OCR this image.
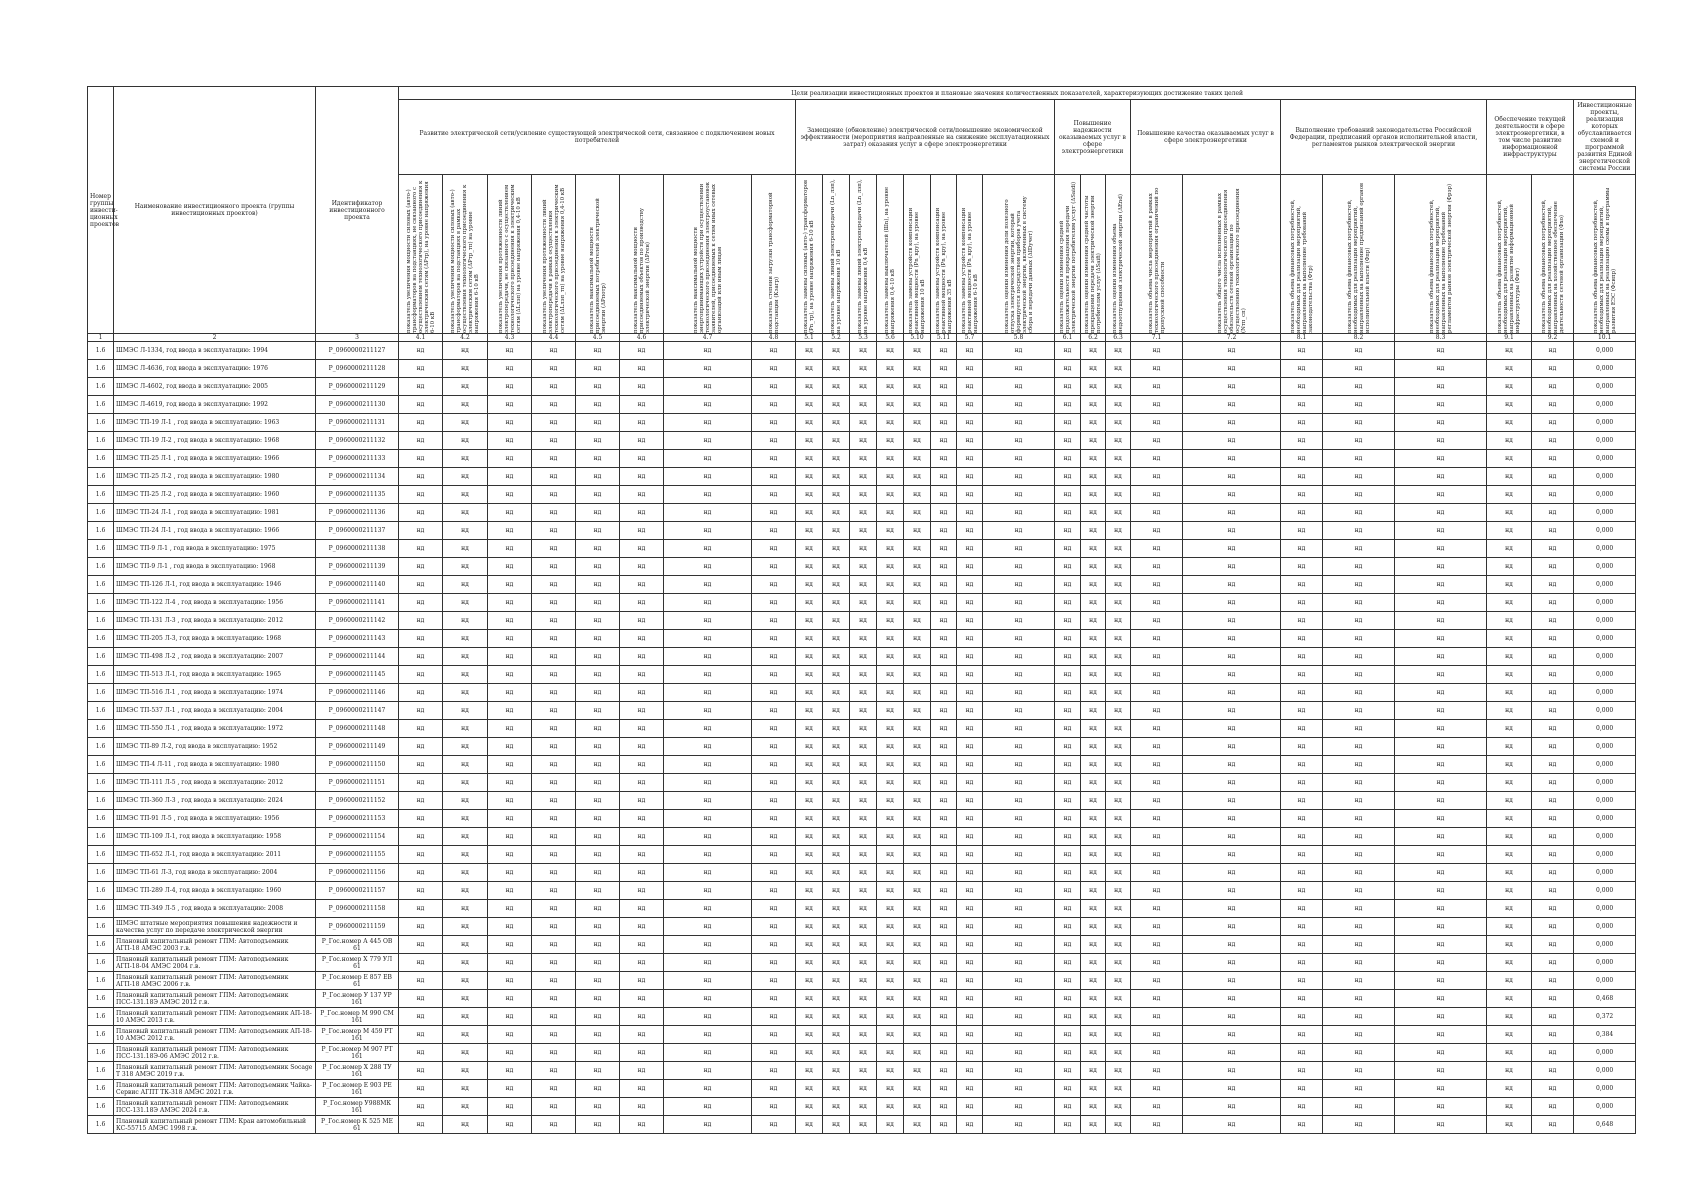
Номер группы инвести-ционных проектов	Наименование инвестиционного проекта (группы инвестиционных проектов)	Идентификатор инвестиционного проекта	Цели реализации инвестиционных проектов и плановые значения количественных показателей, характеризующих достижение таких целей																										
			Развитие электрической сети/усиление существующей электрической сети, связанное с подключением новых потребителей								Замещение (обновление) электрической сети/повышение экономической эффективности (мероприятия направленные на снижение эксплуатационных затрат) оказания услуг в сфере электроэнергетики								Повышение надежности оказываемых услуг в сфере электроэнергетики			Повышение качества оказываемых услуг в сфере электроэнергетики		Выполнение требований законодательства Российской Федерации, предписаний органов исполнительной власти, регламентов рынков электрической энергии			Обеспечение текущей деятельности в сфере электроэнергетики, в том числе развитие информационной инфраструктуры		Инвестиционные проекты, реализация которых обуславливается схемой и программой развития Единой энергетической системы России

			показатель увеличения мощности силовых (авто-) трансформаторов на подстанциях, не связанного с осуществлением технологического присоединения к электрическим сетям (ΔPтр), на уровне напряжения 6-10 кВ	показатель увеличения мощности силовых (авто-) трансформаторов на подстанциях в рамках осуществления технологического присоединения к электрическим сетям (ΔPтр_тп) на уровне напряжения 6-10 кВ	показатель увеличения протяженности линий электропередачи, не связанного с осуществлением технологического присоединения к электрическим сетям (ΔLлэп) на уровне напряжения 0,4-10 кВ	показатель увеличения протяженности линий электропередачи в рамках осуществления технологического присоединения к электрическим сетям (ΔLлэп_тп) на уровне напряжения 0,4-10 кВ	показатель максимальной мощности присоединяемых потребителей электрической энергии (ΔPпотр)	показатель максимальной мощности присоединяемых объектов по производству электрической энергии (ΔPген)	показатель максимальной мощности энергопринимающих устройств при осуществлении технологического присоединения электроустановок заявителей, присоединяемых к сетям иных сетевых организаций или иным лицам	показатель степени загрузки трансформаторной подстанции (Кзагр)	показатель замены силовых (авто-) трансформаторов (Pn_тр), на уровне напряжения 6-10 кВ	показатель замены линий электропередачи (Ln_лэп), на уровне напряжения 10 кВ	показатель замены линий электропередачи (Ln_лэп), на уровне напряжения 0,4 кВ	показатель замены выключателей (Шn), на уровне напряжения 0,4-10 кВ	показатель замены устройств компенсации реактивной мощности (Pn_кру), на уровне напряжения 10 кВ	показатель замены устройств компенсации реактивной мощности (Pn_кру), на уровне напряжения 35 кВ	показатель замены устройств компенсации реактивной мощности (Pn_кру), на уровне напряжения 6-10 кВ	показатель оценки изменения доли полезного отпуска электрической энергии, который формируется посредством приборов учета электрической энергии, включенных в систему сбора и передачи данных (ΔIDучет)	показатель оценки изменения средней продолжительности прекращения передачи электрической энергии потребителям услуг (ΔSaidi)	показатель оценки изменения средней частоты прекращения передачи электрической энергии потребителям услуг (ΔSaifi)	показатель оценки изменения объема недоотпущенной электрической энергии (ΔEnd)	показатель объема числа мероприятий в рамках технологического присоединения ограничений по пропускной способности	показатель общего числа исполненных в рамках осуществления технологического присоединения обязательств сетевой организации по осуществлению технологического присоединения (Nтп_сп)	показатель объема финансовых потребностей, необходимых для реализации мероприятий, направленных на выполнение требований законодательства (Фтр)	показатель объема финансовых потребностей, необходимых для реализации мероприятий, направленных на выполнение предписаний органов исполнительной власти (Фпр)	показатель объема финансовых потребностей, необходимых для реализации мероприятий, направленных на выполнение требований регламентов рынков электрической энергии (Фрэр)	показатель объема финансовых потребностей, необходимых для реализации мероприятий, направленных на развитие информационной инфраструктуры (Фит)	показатель объема финансовых потребностей, необходимых для реализации мероприятий, направленных на хозяйственное обеспечение деятельности сетевой организации (Фхо)	показатель объема финансовых потребностей, необходимых для реализации мероприятий, направленных на реализацию схемы и программы развития ЕЭС (Фсипр)

1	2	3	4.1	4.2	4.3	4.4	4.5	4.6	4.7	4.8	5.1	5.2	5.3	5.6	5.10	5.11	5.7	5.8	6.1	6.2	6.3	7.1	7.2	8.1	8.2	8.3	9.1	9.2	10.1
1.6	ШМЭС Л-1334, год ввода в эксплуатацию: 1994	P_0960000211127	нд	нд	нд	нд	нд	нд	нд	нд	нд	нд	нд	нд	нд	нд	нд	нд	нд	нд	нд	нд	нд	нд	нд	нд	нд	нд	0,000
1.6	ШМЭС Л-4636, год ввода в эксплуатацию: 1976	P_0960000211128	нд	нд	нд	нд	нд	нд	нд	нд	нд	нд	нд	нд	нд	нд	нд	нд	нд	нд	нд	нд	нд	нд	нд	нд	нд	нд	0,000
1.6	ШМЭС Л-4602, год ввода в эксплуатацию: 2005	P_0960000211129	нд	нд	нд	нд	нд	нд	нд	нд	нд	нд	нд	нд	нд	нд	нд	нд	нд	нд	нд	нд	нд	нд	нд	нд	нд	нд	0,000
1.6	ШМЭС Л-4619, год ввода в эксплуатацию: 1992	P_0960000211130	нд	нд	нд	нд	нд	нд	нд	нд	нд	нд	нд	нд	нд	нд	нд	нд	нд	нд	нд	нд	нд	нд	нд	нд	нд	нд	0,000
1.6	ШМЭС ТП-19 Л-1 , год ввода в эксплуатацию: 1963	P_0960000211131	нд	нд	нд	нд	нд	нд	нд	нд	нд	нд	нд	нд	нд	нд	нд	нд	нд	нд	нд	нд	нд	нд	нд	нд	нд	нд	0,000
1.6	ШМЭС ТП-19 Л-2 , год ввода в эксплуатацию: 1968	P_0960000211132	нд	нд	нд	нд	нд	нд	нд	нд	нд	нд	нд	нд	нд	нд	нд	нд	нд	нд	нд	нд	нд	нд	нд	нд	нд	нд	0,000
1.6	ШМЭС ТП-25 Л-1 , год ввода в эксплуатацию: 1966	P_0960000211133	нд	нд	нд	нд	нд	нд	нд	нд	нд	нд	нд	нд	нд	нд	нд	нд	нд	нд	нд	нд	нд	нд	нд	нд	нд	нд	0,000
1.6	ШМЭС ТП-25 Л-2 , год ввода в эксплуатацию: 1980	P_0960000211134	нд	нд	нд	нд	нд	нд	нд	нд	нд	нд	нд	нд	нд	нд	нд	нд	нд	нд	нд	нд	нд	нд	нд	нд	нд	нд	0,000
1.6	ШМЭС ТП-25 Л-2 , год ввода в эксплуатацию: 1960	P_0960000211135	нд	нд	нд	нд	нд	нд	нд	нд	нд	нд	нд	нд	нд	нд	нд	нд	нд	нд	нд	нд	нд	нд	нд	нд	нд	нд	0,000
1.6	ШМЭС ТП-24 Л-1 , год ввода в эксплуатацию: 1981	P_0960000211136	нд	нд	нд	нд	нд	нд	нд	нд	нд	нд	нд	нд	нд	нд	нд	нд	нд	нд	нд	нд	нд	нд	нд	нд	нд	нд	0,000
1.6	ШМЭС ТП-24 Л-1 , год ввода в эксплуатацию: 1966	P_0960000211137	нд	нд	нд	нд	нд	нд	нд	нд	нд	нд	нд	нд	нд	нд	нд	нд	нд	нд	нд	нд	нд	нд	нд	нд	нд	нд	0,000
1.6	ШМЭС ТП-9 Л-1 , год ввода в эксплуатацию: 1975	P_0960000211138	нд	нд	нд	нд	нд	нд	нд	нд	нд	нд	нд	нд	нд	нд	нд	нд	нд	нд	нд	нд	нд	нд	нд	нд	нд	нд	0,000
1.6	ШМЭС ТП-9 Л-1 , год ввода в эксплуатацию: 1968	P_0960000211139	нд	нд	нд	нд	нд	нд	нд	нд	нд	нд	нд	нд	нд	нд	нд	нд	нд	нд	нд	нд	нд	нд	нд	нд	нд	нд	0,000
1.6	ШМЭС ТП-126 Л-1, год ввода в эксплуатацию: 1946	P_0960000211140	нд	нд	нд	нд	нд	нд	нд	нд	нд	нд	нд	нд	нд	нд	нд	нд	нд	нд	нд	нд	нд	нд	нд	нд	нд	нд	0,000
1.6	ШМЭС ТП-122 Л-4 , год ввода в эксплуатацию: 1956	P_0960000211141	нд	нд	нд	нд	нд	нд	нд	нд	нд	нд	нд	нд	нд	нд	нд	нд	нд	нд	нд	нд	нд	нд	нд	нд	нд	нд	0,000
1.6	ШМЭС ТП-131 Л-3 , год ввода в эксплуатацию: 2012	P_0960000211142	нд	нд	нд	нд	нд	нд	нд	нд	нд	нд	нд	нд	нд	нд	нд	нд	нд	нд	нд	нд	нд	нд	нд	нд	нд	нд	0,000
1.6	ШМЭС ТП-205 Л-3, год ввода в эксплуатацию: 1968	P_0960000211143	нд	нд	нд	нд	нд	нд	нд	нд	нд	нд	нд	нд	нд	нд	нд	нд	нд	нд	нд	нд	нд	нд	нд	нд	нд	нд	0,000
1.6	ШМЭС ТП-498 Л-2 , год ввода в эксплуатацию: 2007	P_0960000211144	нд	нд	нд	нд	нд	нд	нд	нд	нд	нд	нд	нд	нд	нд	нд	нд	нд	нд	нд	нд	нд	нд	нд	нд	нд	нд	0,000
1.6	ШМЭС ТП-513 Л-1, год ввода в эксплуатацию: 1965	P_0960000211145	нд	нд	нд	нд	нд	нд	нд	нд	нд	нд	нд	нд	нд	нд	нд	нд	нд	нд	нд	нд	нд	нд	нд	нд	нд	нд	0,000
1.6	ШМЭС ТП-516 Л-1 , год ввода в эксплуатацию: 1974	P_0960000211146	нд	нд	нд	нд	нд	нд	нд	нд	нд	нд	нд	нд	нд	нд	нд	нд	нд	нд	нд	нд	нд	нд	нд	нд	нд	нд	0,000
1.6	ШМЭС ТП-537 Л-1 , год ввода в эксплуатацию: 2004	P_0960000211147	нд	нд	нд	нд	нд	нд	нд	нд	нд	нд	нд	нд	нд	нд	нд	нд	нд	нд	нд	нд	нд	нд	нд	нд	нд	нд	0,000
1.6	ШМЭС ТП-550 Л-1 , год ввода в эксплуатацию: 1972	P_0960000211148	нд	нд	нд	нд	нд	нд	нд	нд	нд	нд	нд	нд	нд	нд	нд	нд	нд	нд	нд	нд	нд	нд	нд	нд	нд	нд	0,000
1.6	ШМЭС ТП-89 Л-2, год ввода в эксплуатацию: 1952	P_0960000211149	нд	нд	нд	нд	нд	нд	нд	нд	нд	нд	нд	нд	нд	нд	нд	нд	нд	нд	нд	нд	нд	нд	нд	нд	нд	нд	0,000
1.6	ШМЭС ТП-4 Л-11 , год ввода в эксплуатацию: 1980	P_0960000211150	нд	нд	нд	нд	нд	нд	нд	нд	нд	нд	нд	нд	нд	нд	нд	нд	нд	нд	нд	нд	нд	нд	нд	нд	нд	нд	0,000
1.6	ШМЭС ТП-111 Л-5 , год ввода в эксплуатацию: 2012	P_0960000211151	нд	нд	нд	нд	нд	нд	нд	нд	нд	нд	нд	нд	нд	нд	нд	нд	нд	нд	нд	нд	нд	нд	нд	нд	нд	нд	0,000
1.6	ШМЭС ТП-360 Л-3 , год ввода в эксплуатацию: 2024	P_0960000211152	нд	нд	нд	нд	нд	нд	нд	нд	нд	нд	нд	нд	нд	нд	нд	нд	нд	нд	нд	нд	нд	нд	нд	нд	нд	нд	0,000
1.6	ШМЭС ТП-91 Л-5 , год ввода в эксплуатацию: 1956	P_0960000211153	нд	нд	нд	нд	нд	нд	нд	нд	нд	нд	нд	нд	нд	нд	нд	нд	нд	нд	нд	нд	нд	нд	нд	нд	нд	нд	0,000
1.6	ШМЭС ТП-109 Л-1, год ввода в эксплуатацию: 1958	P_0960000211154	нд	нд	нд	нд	нд	нд	нд	нд	нд	нд	нд	нд	нд	нд	нд	нд	нд	нд	нд	нд	нд	нд	нд	нд	нд	нд	0,000
1.6	ШМЭС ТП-652 Л-1, год ввода в эксплуатацию: 2011	P_0960000211155	нд	нд	нд	нд	нд	нд	нд	нд	нд	нд	нд	нд	нд	нд	нд	нд	нд	нд	нд	нд	нд	нд	нд	нд	нд	нд	0,000
1.6	ШМЭС ТП-61 Л-3, год ввода в эксплуатацию: 2004	P_0960000211156	нд	нд	нд	нд	нд	нд	нд	нд	нд	нд	нд	нд	нд	нд	нд	нд	нд	нд	нд	нд	нд	нд	нд	нд	нд	нд	0,000
1.6	ШМЭС ТП-289 Л-4, год ввода в эксплуатацию: 1960	P_0960000211157	нд	нд	нд	нд	нд	нд	нд	нд	нд	нд	нд	нд	нд	нд	нд	нд	нд	нд	нд	нд	нд	нд	нд	нд	нд	нд	0,000
1.6	ШМЭС ТП-349 Л-5 , год ввода в эксплуатацию: 2008	P_0960000211158	нд	нд	нд	нд	нд	нд	нд	нд	нд	нд	нд	нд	нд	нд	нд	нд	нд	нд	нд	нд	нд	нд	нд	нд	нд	нд	0,000
1.6	ШМЭС штатные мероприятия повышения надежности и качества услуг по передаче электрической энергии	P_0960000211159	нд	нд	нд	нд	нд	нд	нд	нд	нд	нд	нд	нд	нд	нд	нд	нд	нд	нд	нд	нд	нд	нд	нд	нд	нд	нд	0,000
1.6	Плановый капитальный ремонт ГПМ: Автоподъемник АГП-18 АМЭС 2003 г.в.	P_Гос.номер А 445 ОВ 61	нд	нд	нд	нд	нд	нд	нд	нд	нд	нд	нд	нд	нд	нд	нд	нд	нд	нд	нд	нд	нд	нд	нд	нд	нд	нд	0,000
1.6	Плановый капитальный ремонт ГПМ: Автоподъемник АГП-18-04 АМЭС 2004 г.в.	P_Гос.номер Х 779 УЛ 61	нд	нд	нд	нд	нд	нд	нд	нд	нд	нд	нд	нд	нд	нд	нд	нд	нд	нд	нд	нд	нд	нд	нд	нд	нд	нд	0,000
1.6	Плановый капитальный ремонт ГПМ: Автоподъемник АГП-18 АМЭС 2006 г.в.	P_Гос.номер Е 857 ЕВ 61	нд	нд	нд	нд	нд	нд	нд	нд	нд	нд	нд	нд	нд	нд	нд	нд	нд	нд	нд	нд	нд	нд	нд	нд	нд	нд	0,000
1.6	Плановый капитальный ремонт ГПМ: Автоподъемник ПСС-131.18Э АМЭС 2012 г.в.	P_Гос.номер У 137 УР 161	нд	нд	нд	нд	нд	нд	нд	нд	нд	нд	нд	нд	нд	нд	нд	нд	нд	нд	нд	нд	нд	нд	нд	нд	нд	нд	0,468
1.6	Плановый капитальный ремонт ГПМ: Автоподъемник АП-18-10 АМЭС 2013 г.в.	P_Гос.номер М 990 СМ 161	нд	нд	нд	нд	нд	нд	нд	нд	нд	нд	нд	нд	нд	нд	нд	нд	нд	нд	нд	нд	нд	нд	нд	нд	нд	нд	0,372
1.6	Плановый капитальный ремонт ГПМ: Автоподъемник АП-18-10 АМЭС 2012 г.в.	P_Гос.номер М 459 РТ 161	нд	нд	нд	нд	нд	нд	нд	нд	нд	нд	нд	нд	нд	нд	нд	нд	нд	нд	нд	нд	нд	нд	нд	нд	нд	нд	0,384
1.6	Плановый капитальный ремонт ГПМ: Автоподъемник ПСС-131.18Э-06 АМЭС 2012 г.в.	P_Гос.номер М 907 РТ 161	нд	нд	нд	нд	нд	нд	нд	нд	нд	нд	нд	нд	нд	нд	нд	нд	нд	нд	нд	нд	нд	нд	нд	нд	нд	нд	0,000
1.6	Плановый капитальный ремонт ГПМ: Автоподъемник Socage T 318 АМЭС 2019 г.в.	P_Гос.номер Х 288 ТУ 161	нд	нд	нд	нд	нд	нд	нд	нд	нд	нд	нд	нд	нд	нд	нд	нд	нд	нд	нд	нд	нд	нд	нд	нд	нд	нд	0,000
1.6	Плановый капитальный ремонт ГПМ: Автоподъемник Чайка-Сервис АГПТ ТК-318 АМЭС 2021 г.в.	P_Гос.номер Е 903 РЕ 161	нд	нд	нд	нд	нд	нд	нд	нд	нд	нд	нд	нд	нд	нд	нд	нд	нд	нд	нд	нд	нд	нд	нд	нд	нд	нд	0,000
1.6	Плановый капитальный ремонт ГПМ: Автоподъемник ПСС-131.18Э АМЭС 2024 г.в.	P_Гос.номер У988МК 161	нд	нд	нд	нд	нд	нд	нд	нд	нд	нд	нд	нд	нд	нд	нд	нд	нд	нд	нд	нд	нд	нд	нд	нд	нд	нд	0,000
1.6	Плановый капитальный ремонт ГПМ: Кран автомобильный КС-55715 АМЭС 1998 г.в.	P_Гос.номер К 525 МЕ 61	нд	нд	нд	нд	нд	нд	нд	нд	нд	нд	нд	нд	нд	нд	нд	нд	нд	нд	нд	нд	нд	нд	нд	нд	нд	нд	0,648
